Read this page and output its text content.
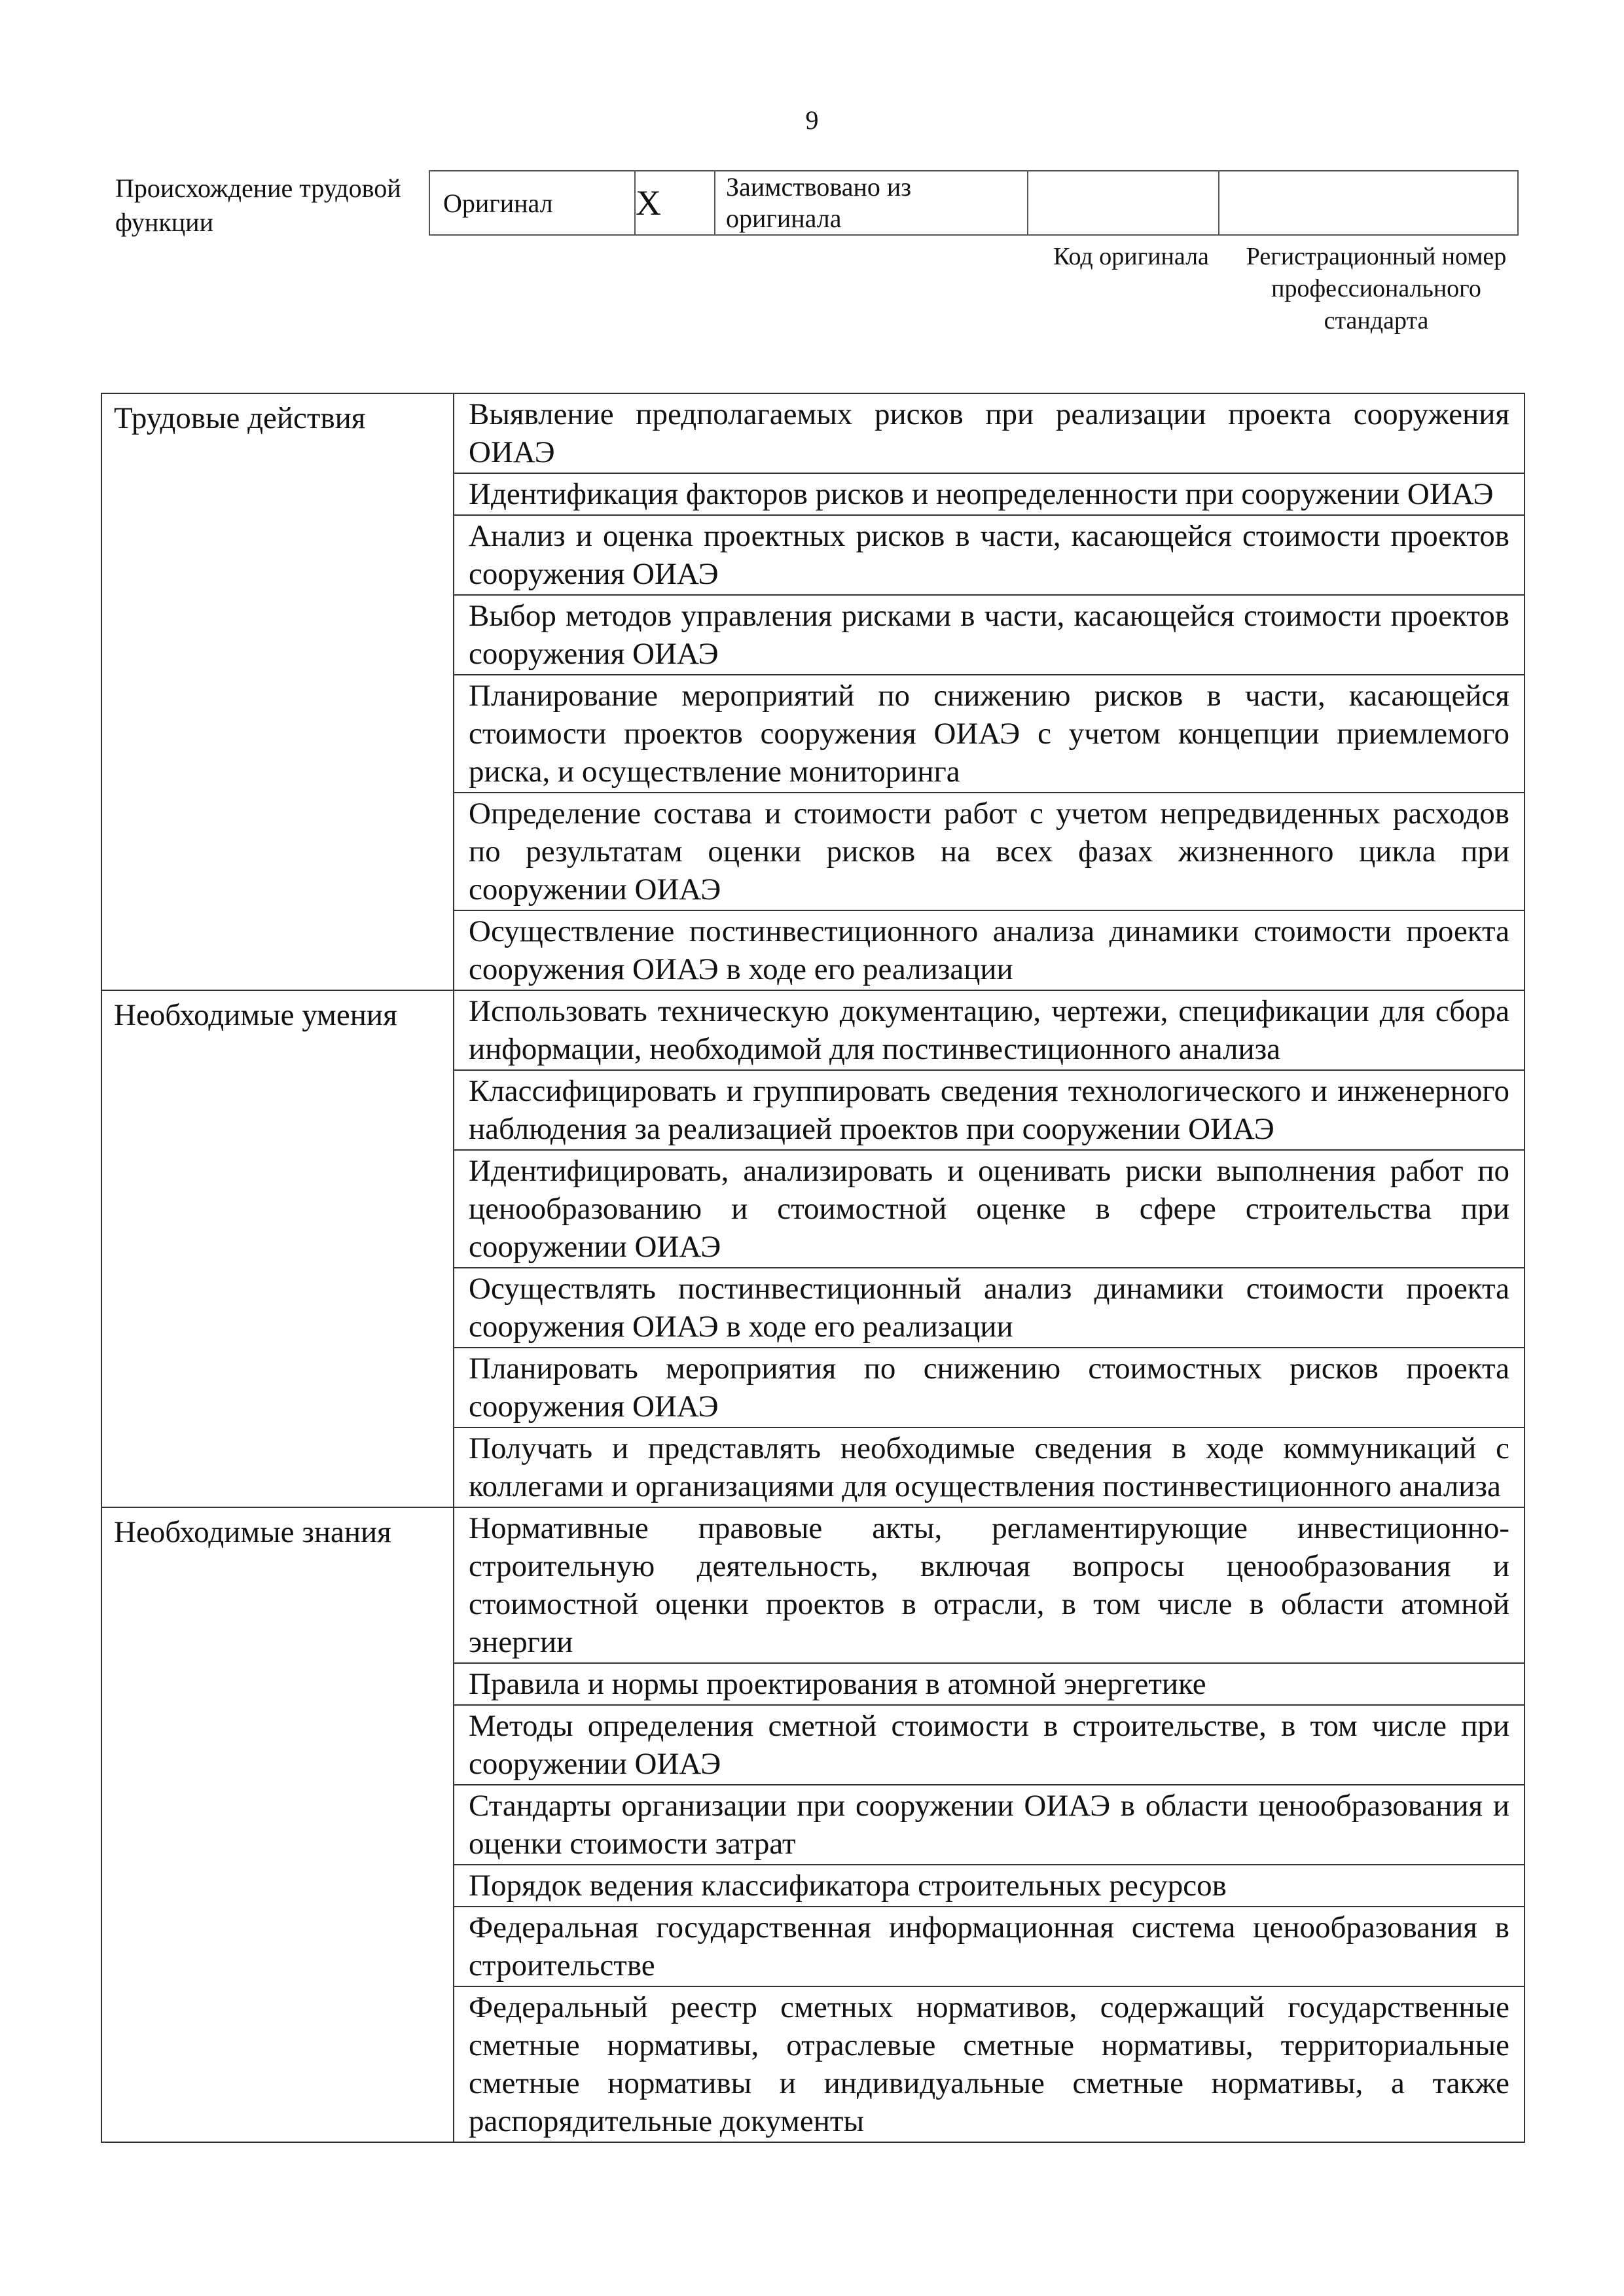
9
Происхождение трудовой функции
Оригинал	X	Заимствовано из оригинала		
Код оригинала	Регистрационный номер профессионального стандарта
Трудовые действия	Выявление предполагаемых рисков при реализации проекта сооружения ОИАЭ
	Идентификация факторов рисков и неопределенности при сооружении ОИАЭ
	Анализ и оценка проектных рисков в части, касающейся стоимости проектов сооружения ОИАЭ
	Выбор методов управления рисками в части, касающейся стоимости проектов сооружения ОИАЭ
	Планирование мероприятий по снижению рисков в части, касающейся стоимости проектов сооружения ОИАЭ с учетом концепции приемлемого риска, и осуществление мониторинга
	Определение состава и стоимости работ с учетом непредвиденных расходов по результатам оценки рисков на всех фазах жизненного цикла при сооружении ОИАЭ
	Осуществление постинвестиционного анализа динамики стоимости проекта сооружения ОИАЭ в ходе его реализации
Необходимые умения	Использовать техническую документацию, чертежи, спецификации для сбора информации, необходимой для постинвестиционного анализа
	Классифицировать и группировать сведения технологического и инженерного наблюдения за реализацией проектов при сооружении ОИАЭ
	Идентифицировать, анализировать и оценивать риски выполнения работ по ценообразованию и стоимостной оценке в сфере строительства при сооружении ОИАЭ
	Осуществлять постинвестиционный анализ динамики стоимости проекта сооружения ОИАЭ в ходе его реализации
	Планировать мероприятия по снижению стоимостных рисков проекта сооружения ОИАЭ
	Получать и представлять необходимые сведения в ходе коммуникаций с коллегами и организациями для осуществления постинвестиционного анализа
Необходимые знания	Нормативные правовые акты, регламентирующие инвестиционно-строительную деятельность, включая вопросы ценообразования и стоимостной оценки проектов в отрасли, в том числе в области атомной энергии
	Правила и нормы проектирования в атомной энергетике
	Методы определения сметной стоимости в строительстве, в том числе при сооружении ОИАЭ
	Стандарты организации при сооружении ОИАЭ в области ценообразования и оценки стоимости затрат
	Порядок ведения классификатора строительных ресурсов
	Федеральная государственная информационная система ценообразования в строительстве
	Федеральный реестр сметных нормативов, содержащий государственные сметные нормативы, отраслевые сметные нормативы, территориальные сметные нормативы и индивидуальные сметные нормативы, а также распорядительные документы
